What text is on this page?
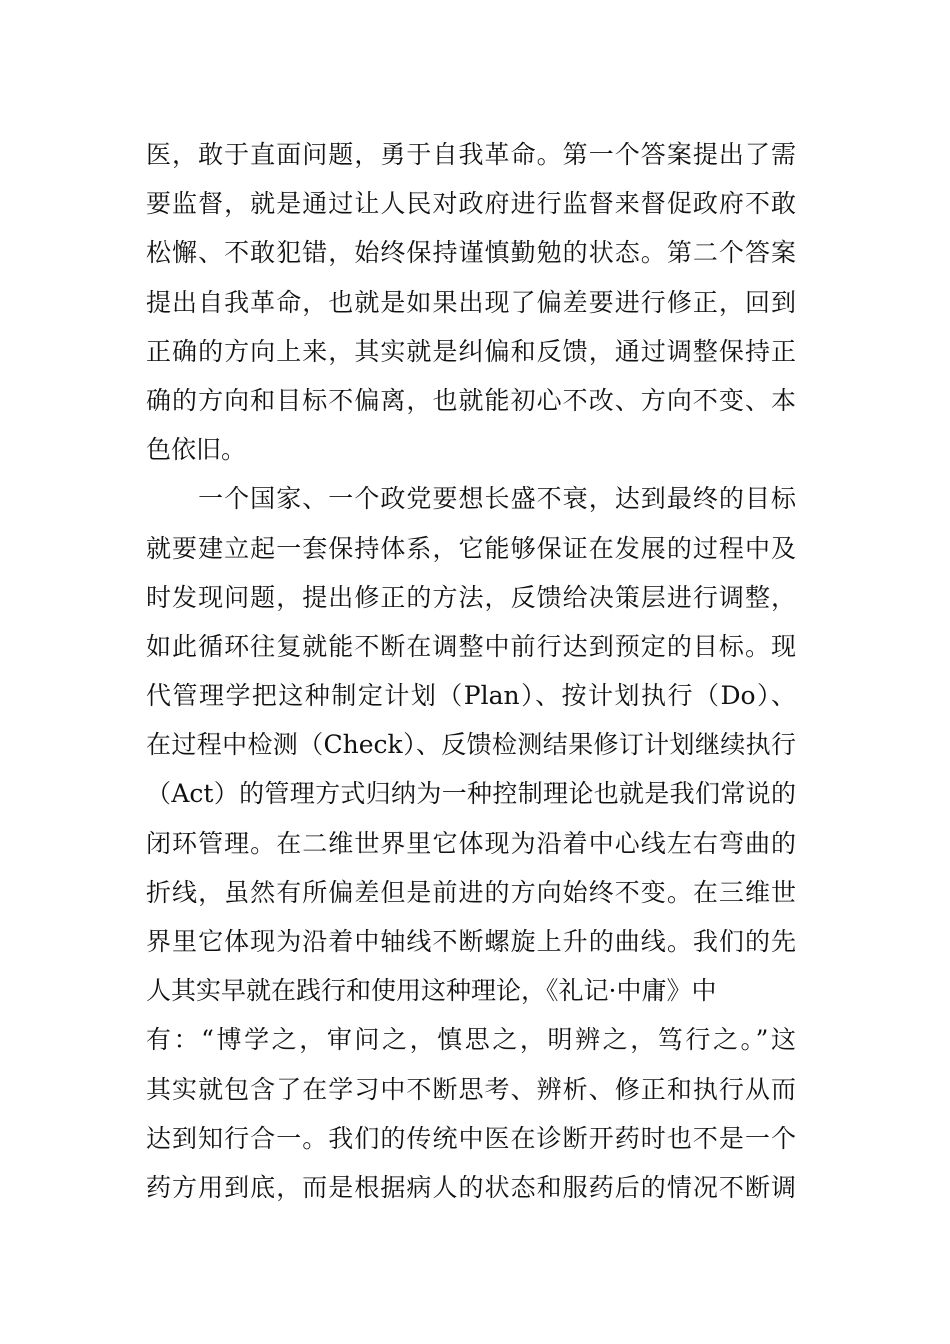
医，敢于直面问题，勇于自我革命。第一个答案提出了需
要监督，就是通过让人民对政府进行监督来督促政府不敢
松懈、不敢犯错，始终保持谨慎勤勉的状态。第二个答案
提出自我革命，也就是如果出现了偏差要进行修正，回到
正确的方向上来，其实就是纠偏和反馈，通过调整保持正
确的方向和目标不偏离，也就能初心不改、方向不变、本
色依旧。
　　一个国家、一个政党要想长盛不衰，达到最终的目标
就要建立起一套保持体系，它能够保证在发展的过程中及
时发现问题，提出修正的方法，反馈给决策层进行调整，
如此循环往复就能不断在调整中前行达到预定的目标。现
代管理学把这种制定计划（Plan）、按计划执行（Do）、
在过程中检测（Check）、反馈检测结果修订计划继续执行
（Act）的管理方式归纳为一种控制理论也就是我们常说的
闭环管理。在二维世界里它体现为沿着中心线左右弯曲的
折线，虽然有所偏差但是前进的方向始终不变。在三维世
界里它体现为沿着中轴线不断螺旋上升的曲线。我们的先
人其实早就在践行和使用这种理论，《礼记·中庸》中
有：“博学之，审问之，慎思之，明辨之，笃行之。”这
其实就包含了在学习中不断思考、辨析、修正和执行从而
达到知行合一。我们的传统中医在诊断开药时也不是一个
药方用到底，而是根据病人的状态和服药后的情况不断调
